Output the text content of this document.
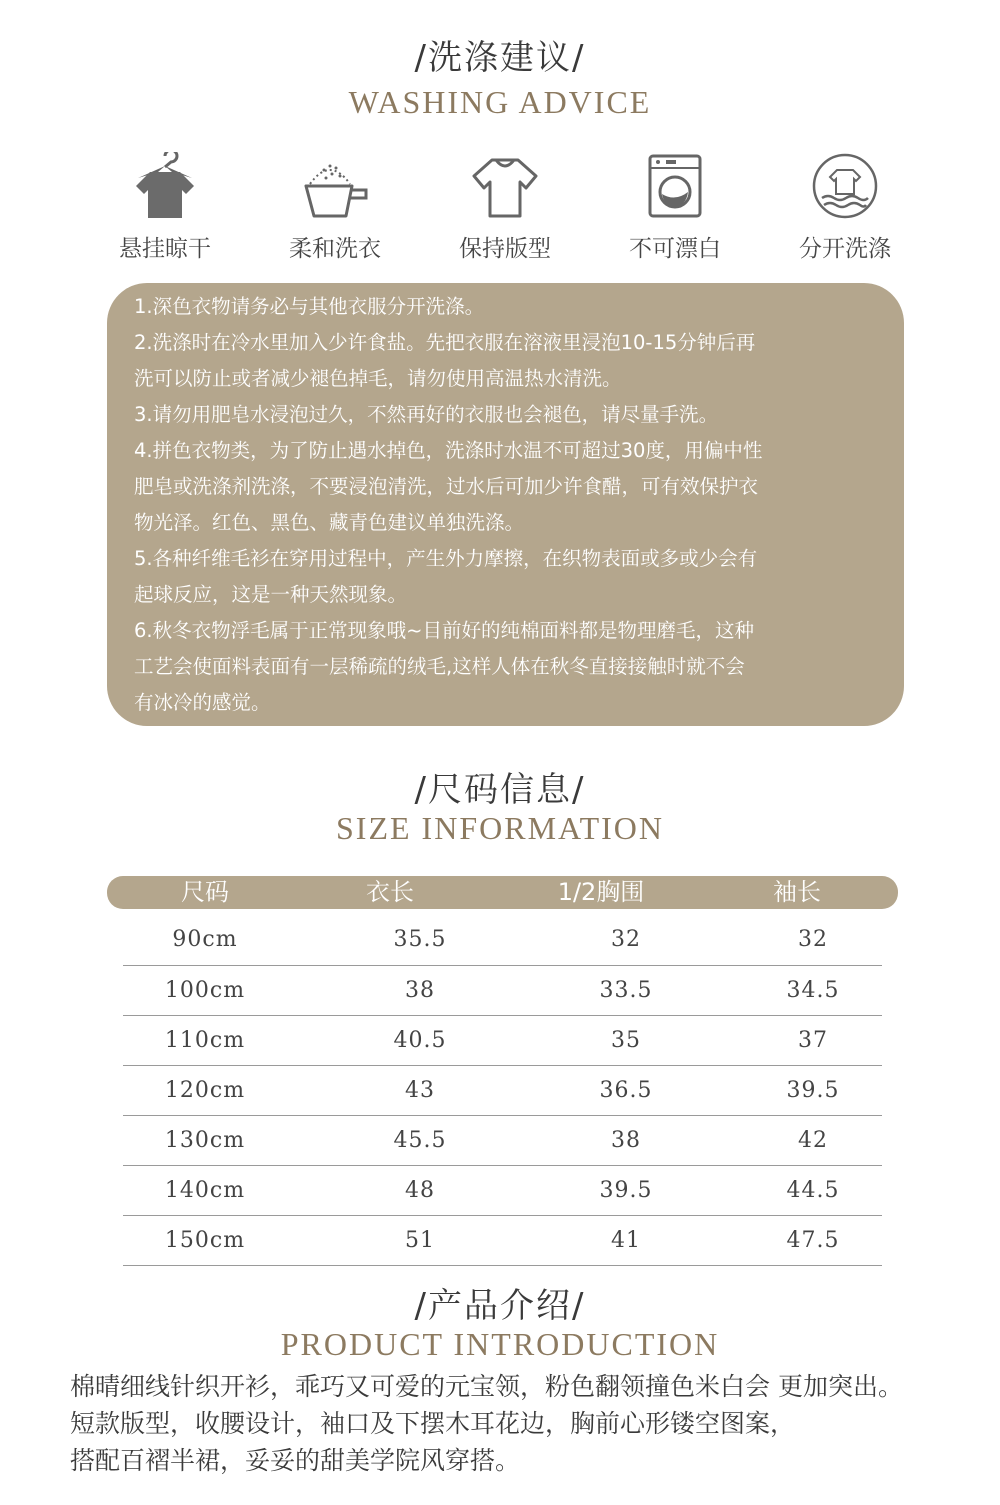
/洗涤建议/
WASHING ADVICE
悬挂晾干	柔和洗衣	保持版型	不可漂白	分开洗涤

1.深色衣物请务必与其他衣服分开洗涤。

2.洗涤时在冷水里加入少许食盐。先把衣服在溶液里浸泡10-15分钟后再

洗可以防止或者减少褪色掉毛，请勿使用高温热水清洗。

3.请勿用肥皂水浸泡过久，不然再好的衣服也会褪色，请尽量手洗。

4.拼色衣物类，为了防止遇水掉色，洗涤时水温不可超过30度，用偏中性

肥皂或洗涤剂洗涤，不要浸泡清洗，过水后可加少许食醋，可有效保护衣

物光泽。红色、黑色、藏青色建议单独洗涤。

5.各种纤维毛衫在穿用过程中，产生外力摩擦，在织物表面或多或少会有

起球反应，这是一种天然现象。

6.秋冬衣物浮毛属于正常现象哦~目前好的纯棉面料都是物理磨毛，这种

工艺会使面料表面有一层稀疏的绒毛,这样人体在秋冬直接接触时就不会

有冰冷的感觉。

/尺码信息/
SIZE INFORMATION
尺码	衣长	1/2胸围	袖长
90cm	35.5	32	32
100cm	38	33.5	34.5
110cm	40.5	35	37
120cm	43	36.5	39.5
130cm	45.5	38	42
140cm	48	39.5	44.5
150cm	51	41	47.5
/产品介绍/
PRODUCT INTRODUCTION

棉晴细线针织开衫，乖巧又可爱的元宝领，粉色翻领撞色米白会 更加突出。

短款版型，收腰设计，袖口及下摆木耳花边，胸前心形镂空图案，

搭配百褶半裙，妥妥的甜美学院风穿搭。
